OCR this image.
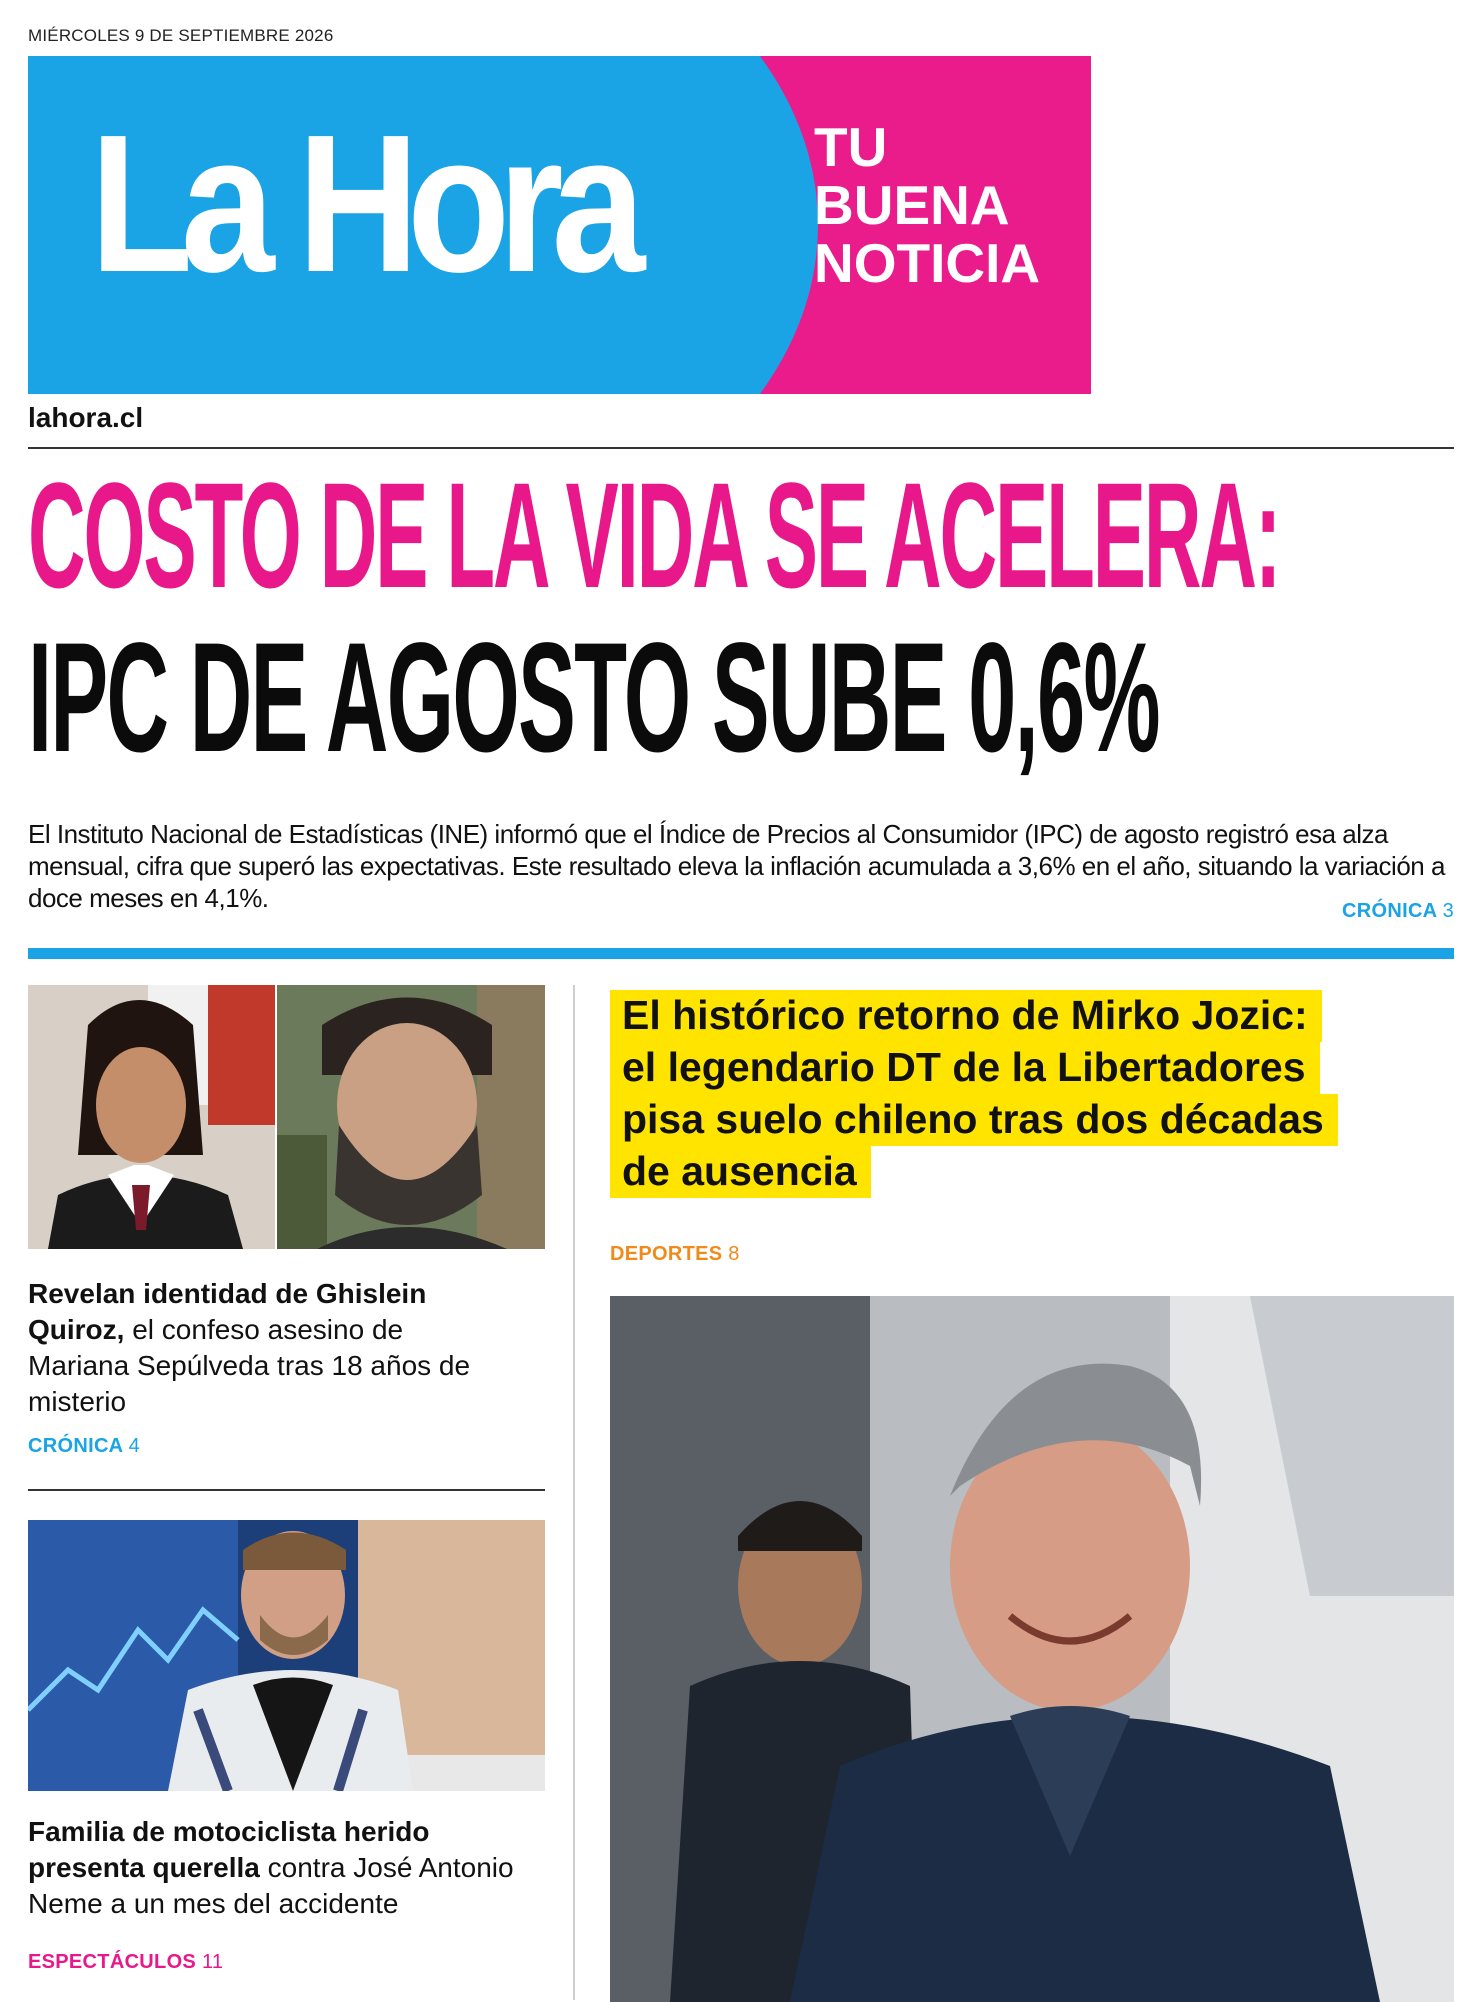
MIÉRCOLES 9 DE SEPTIEMBRE 2026
La Hora	TU
BUENA
NOTICIA
lahora.cl
COSTO DE LA VIDA SE ACELERA:
IPC DE AGOSTO SUBE 0,6%
El Instituto Nacional de Estadísticas (INE) informó que el Índice de Precios al Consumidor (IPC) de agosto registró esa alza mensual, cifra que superó las expectativas. Este resultado eleva la inflación acumulada a 3,6% en el año, situando la variación a doce meses en 4,1%.	CRÓNICA 3
Revelan identidad de Ghislein Quiroz, el confeso asesino de Mariana Sepúlveda tras 18 años de misterio
CRÓNICA 4
Familia de motociclista herido presenta querella contra José Antonio Neme a un mes del accidente
ESPECTÁCULOS 11
El histórico retorno de Mirko Jozic:
el legendario DT de la Libertadores
pisa suelo chileno tras dos décadas
de ausencia
DEPORTES 8
